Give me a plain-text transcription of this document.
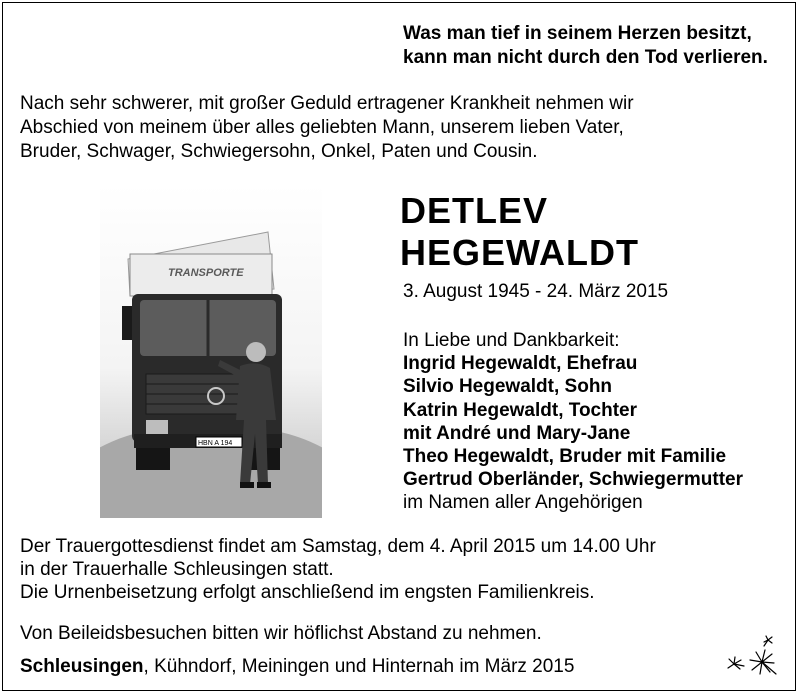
Was man tief in seinem Herzen besitzt,
kann man nicht durch den Tod verlieren.
Nach sehr schwerer, mit großer Geduld ertragener Krankheit nehmen wir
Abschied von meinem über alles geliebten Mann, unserem lieben Vater,
Bruder, Schwager, Schwiegersohn, Onkel, Paten und Cousin.
TRANSPORTE
HBN A 194
DETLEV
HEGEWALDT
3. August 1945 - 24. März 2015
In Liebe und Dankbarkeit:
Ingrid Hegewaldt, Ehefrau
Silvio Hegewaldt, Sohn
Katrin Hegewaldt, Tochter
mit André und Mary-Jane
Theo Hegewaldt, Bruder mit Familie
Gertrud Oberländer, Schwiegermutter
im Namen aller Angehörigen
Der Trauergottesdienst findet am Samstag, dem 4. April 2015 um 14.00 Uhr
in der Trauerhalle Schleusingen statt.
Die Urnenbeisetzung erfolgt anschließend im engsten Familienkreis.
Von Beileidsbesuchen bitten wir höflichst Abstand zu nehmen.
Schleusingen, Kühndorf, Meiningen und Hinternah im März 2015
